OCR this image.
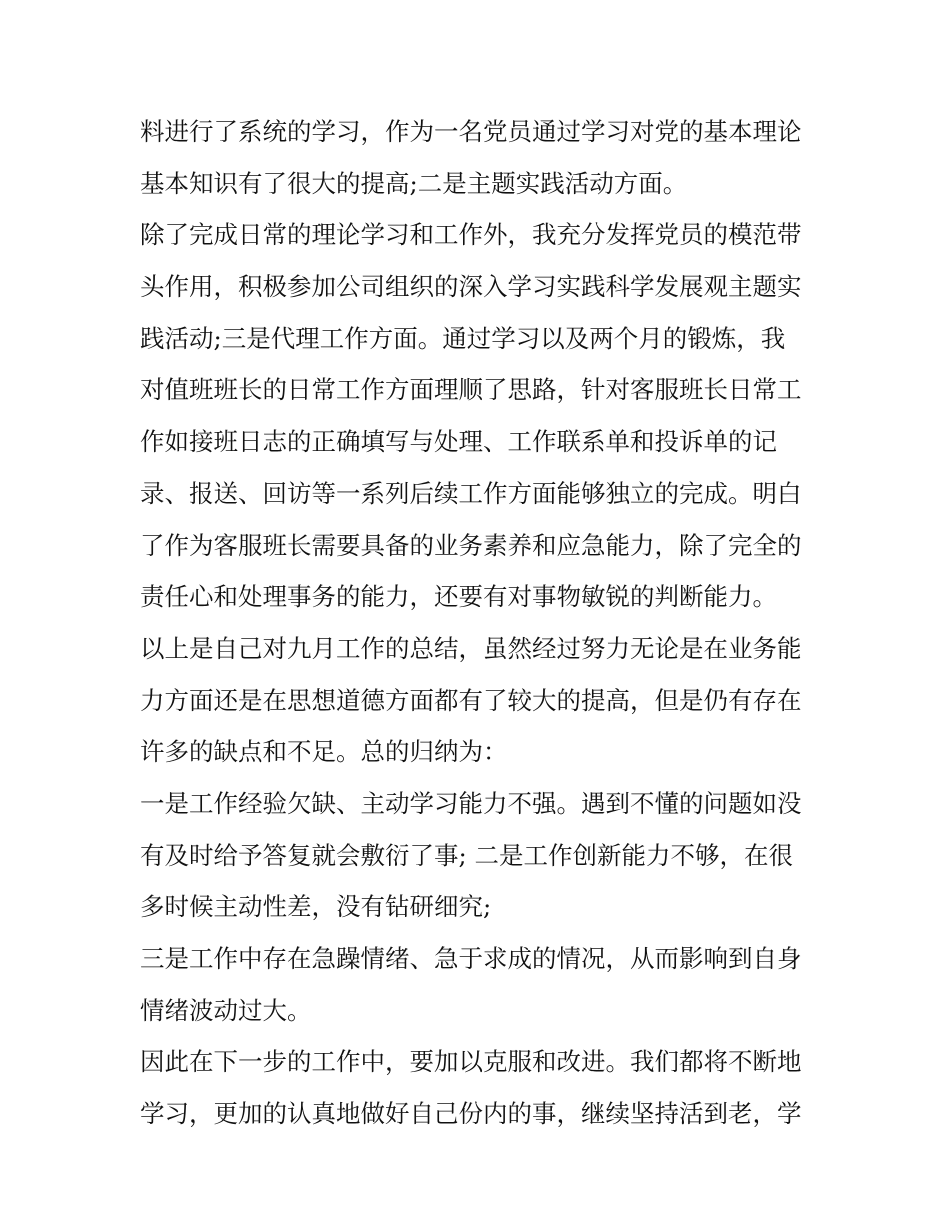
料进行了系统的学习，作为一名党员通过学习对党的基本理论
基本知识有了很大的提高;二是主题实践活动方面。
除了完成日常的理论学习和工作外，我充分发挥党员的模范带
头作用，积极参加公司组织的深入学习实践科学发展观主题实
践活动;三是代理工作方面。通过学习以及两个月的锻炼，我
对值班班长的日常工作方面理顺了思路，针对客服班长日常工
作如接班日志的正确填写与处理、工作联系单和投诉单的记
录、报送、回访等一系列后续工作方面能够独立的完成。明白
了作为客服班长需要具备的业务素养和应急能力，除了完全的
责任心和处理事务的能力，还要有对事物敏锐的判断能力。
以上是自己对九月工作的总结，虽然经过努力无论是在业务能
力方面还是在思想道德方面都有了较大的提高，但是仍有存在
许多的缺点和不足。总的归纳为：
一是工作经验欠缺、主动学习能力不强。遇到不懂的问题如没
有及时给予答复就会敷衍了事; 二是工作创新能力不够，在很
多时候主动性差，没有钻研细究;
三是工作中存在急躁情绪、急于求成的情况，从而影响到自身
情绪波动过大。
因此在下一步的工作中，要加以克服和改进。我们都将不断地
学习，更加的认真地做好自己份内的事，继续坚持活到老，学
